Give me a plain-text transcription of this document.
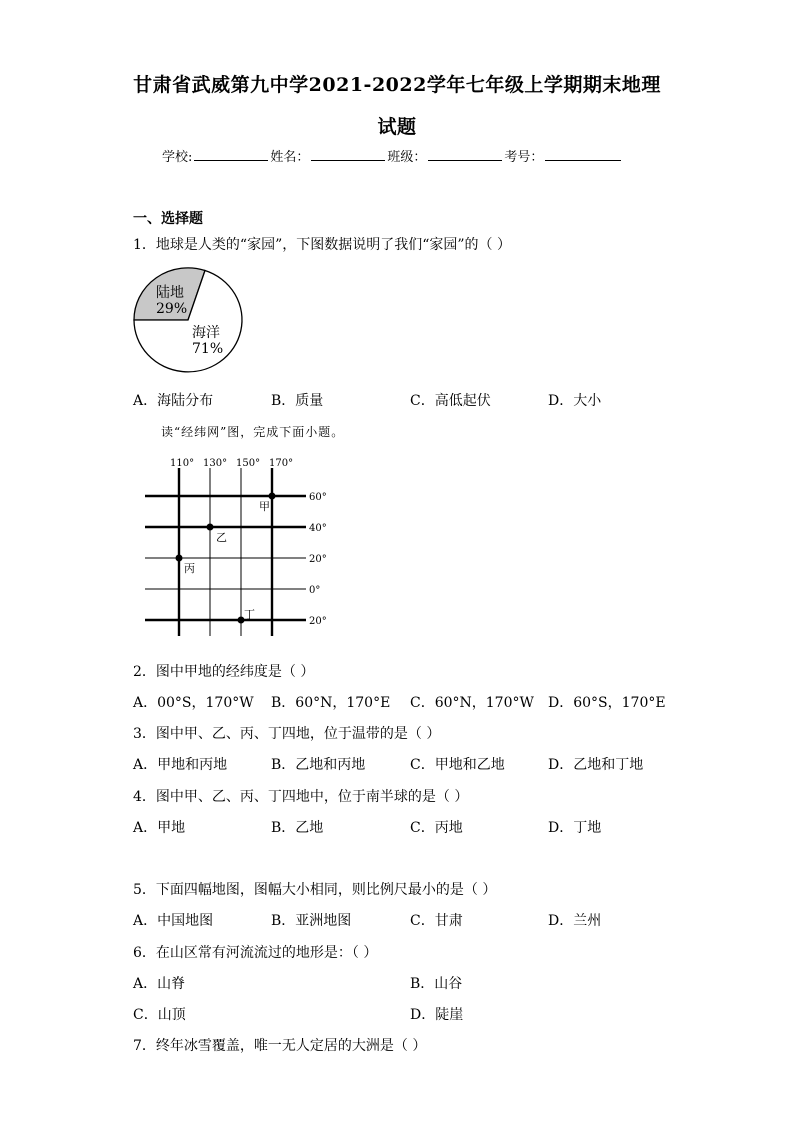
甘肃省武威第九中学2021-2022学年七年级上学期期末地理
试题
学校:	姓名：	班级：	考号：
一、选择题
1．地球是人类的“家园”，下图数据说明了我们“家园”的（ ）
陆地
29%
海洋
71%
A．海陆分布	B．质量	C．高低起伏	D．大小
读“经纬网”图，完成下面小题。
110° 130° 150° 170°
60°
40°
20°
0°
20°
甲
乙
丙
丁
2．图中甲地的经纬度是（ ）
A．00°S，170°W B．60°N，170°E C．60°N，170°W D．60°S，170°E
3．图中甲、乙、丙、丁四地，位于温带的是（ ）
A．甲地和丙地	B．乙地和丙地	C．甲地和乙地	D．乙地和丁地
4．图中甲、乙、丙、丁四地中，位于南半球的是（ ）
A．甲地	B．乙地	C．丙地	D．丁地
5．下面四幅地图，图幅大小相同，则比例尺最小的是（ ）
A．中国地图	B．亚洲地图	C．甘肃	D．兰州
6．在山区常有河流流过的地形是：（ ）
A．山脊	B．山谷
C．山顶	D．陡崖
7．终年冰雪覆盖，唯一无人定居的大洲是（ ）
